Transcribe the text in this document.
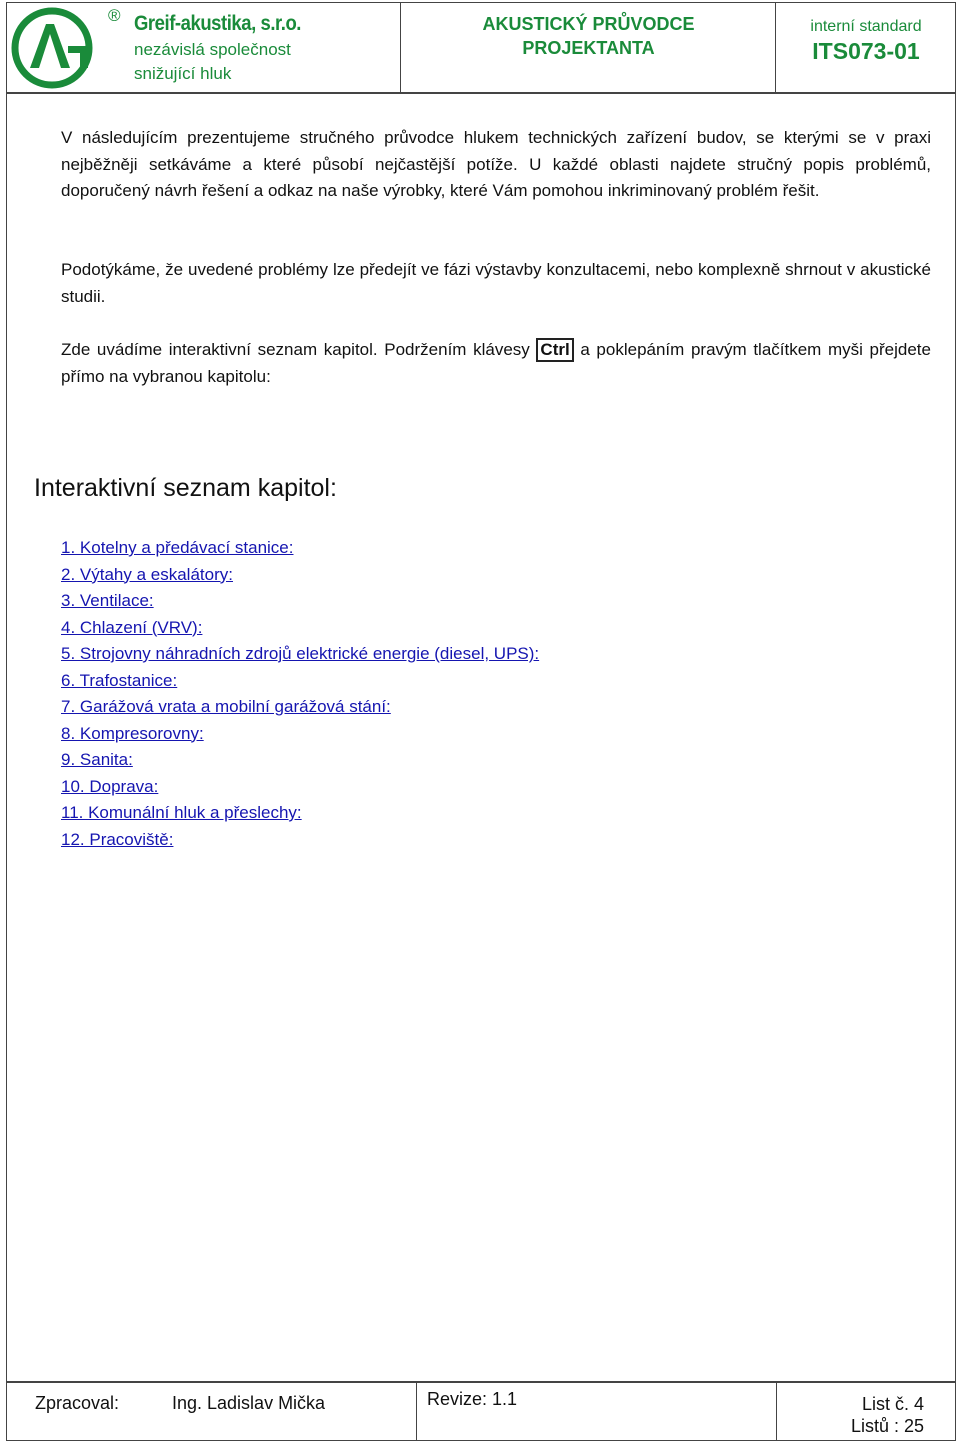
® Greif-akustika, s.r.o.
nezávislá společnost
snižující hluk
AKUSTICKÝ PRŮVODCE
PROJEKTANTA
interní standard
ITS073-01

V následujícím prezentujeme stručného průvodce hlukem technických zařízení budov, se kterými se v praxi nejběžněji setkáváme a které působí nejčastější potíže. U každé oblasti najdete stručný popis problémů, doporučený návrh řešení a odkaz na naše výrobky, které Vám pomohou inkriminovaný problém řešit.

Podotýkáme, že uvedené problémy lze předejít ve fázi výstavby konzultacemi, nebo komplexně shrnout v akustické studii.

Zde uvádíme interaktivní seznam kapitol. Podržením klávesy Ctrl a poklepáním pravým tlačítkem myši přejdete přímo na vybranou kapitolu:

Interaktivní seznam kapitol:
1. Kotelny a předávací stanice:
2. Výtahy a eskalátory:
3. Ventilace:
4. Chlazení (VRV):
5. Strojovny náhradních zdrojů elektrické energie (diesel, UPS):
6. Trafostanice:
7. Garážová vrata a mobilní garážová stání:
8. Kompresorovny:
9. Sanita:
10. Doprava:
11. Komunální hluk a přeslechy:
12. Pracoviště:
Zpracoval:	Ing. Ladislav Mička	Revize: 1.1	List č. 4
Listů : 25
